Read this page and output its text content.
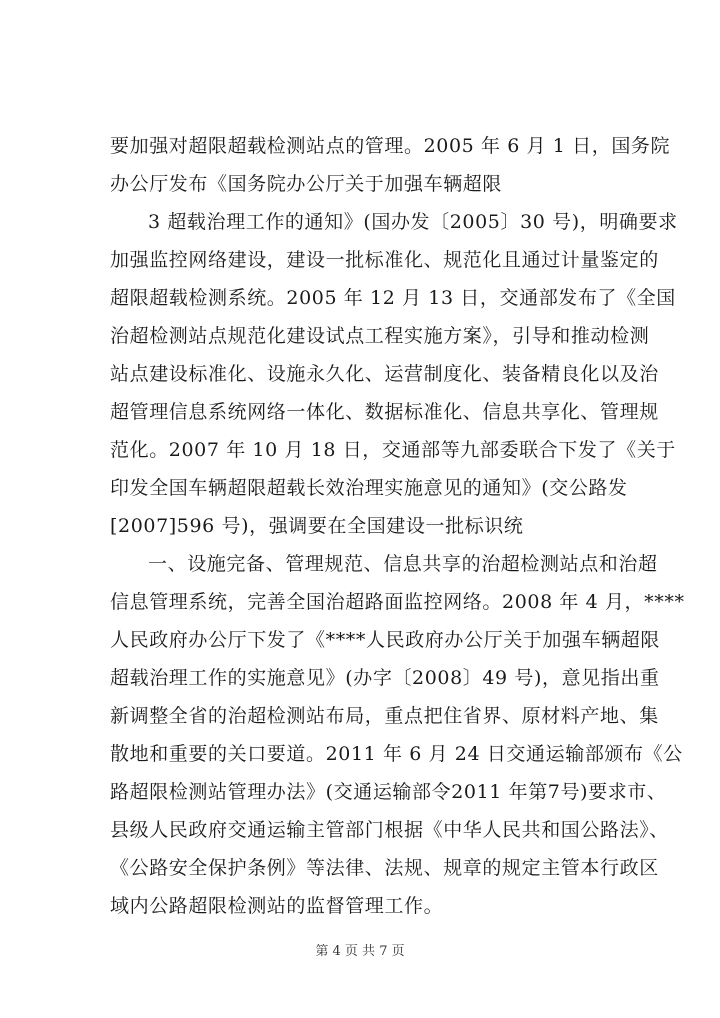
要加强对超限超载检测站点的管理。2005 年 6 月 1 日，国务院
办公厅发布《国务院办公厅关于加强车辆超限
3 超载治理工作的通知》(国办发〔2005〕30 号)，明确要求
加强监控网络建设，建设一批标准化、规范化且通过计量鉴定的
超限超载检测系统。2005 年 12 月 13 日，交通部发布了《全国
治超检测站点规范化建设试点工程实施方案》，引导和推动检测
站点建设标准化、设施永久化、运营制度化、装备精良化以及治
超管理信息系统网络一体化、数据标准化、信息共享化、管理规
范化。2007 年 10 月 18 日，交通部等九部委联合下发了《关于
印发全国车辆超限超载长效治理实施意见的通知》(交公路发
[2007]596 号)，强调要在全国建设一批标识统
一、设施完备、管理规范、信息共享的治超检测站点和治超
信息管理系统，完善全国治超路面监控网络。2008 年 4 月，****
人民政府办公厅下发了《****人民政府办公厅关于加强车辆超限
超载治理工作的实施意见》(办字〔2008〕49 号)，意见指出重
新调整全省的治超检测站布局，重点把住省界、原材料产地、集
散地和重要的关口要道。2011 年 6 月 24 日交通运输部颁布《公
路超限检测站管理办法》(交通运输部令2011 年第7号)要求市、
县级人民政府交通运输主管部门根据《中华人民共和国公路法》、
《公路安全保护条例》等法律、法规、规章的规定主管本行政区
域内公路超限检测站的监督管理工作。
第 4 页 共 7 页
